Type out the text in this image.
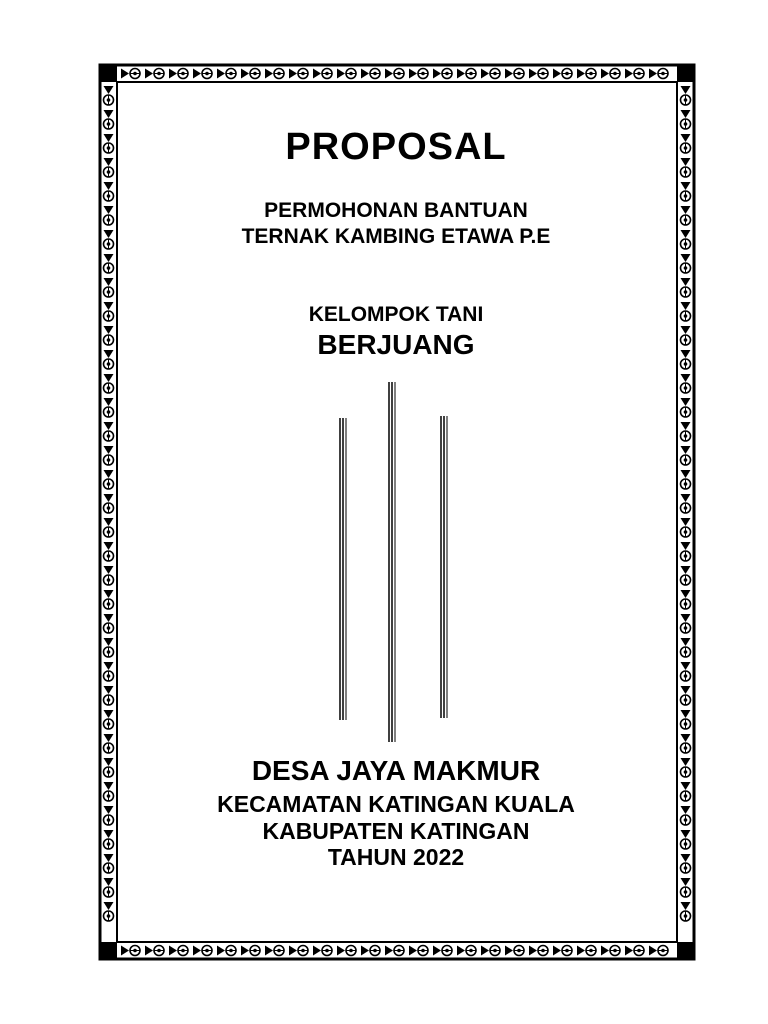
PROPOSAL
PERMOHONAN BANTUAN
TERNAK KAMBING ETAWA P.E
KELOMPOK TANI
BERJUANG
DESA JAYA MAKMUR
KECAMATAN KATINGAN KUALA
KABUPATEN KATINGAN
TAHUN 2022
